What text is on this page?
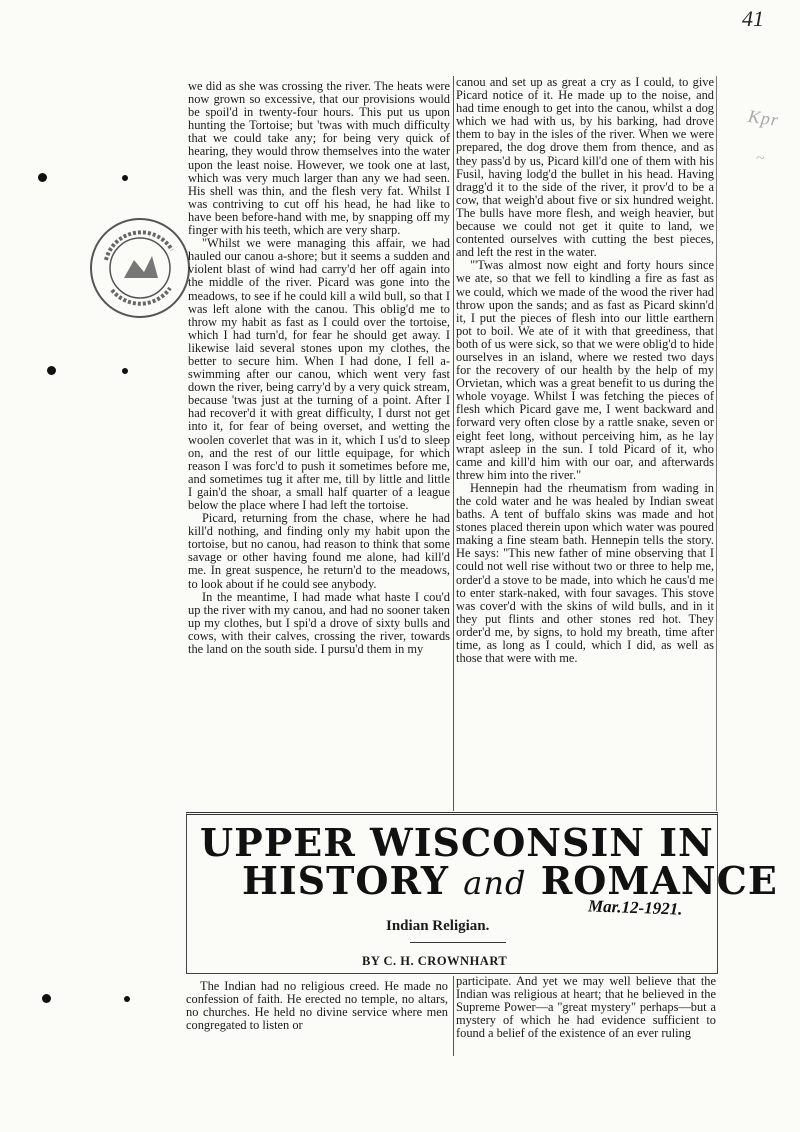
41
Kpr
~

we did as she was crossing the river. The heats were now grown so excessive, that our provisions would be spoil'd in twenty-four hours. This put us upon hunting the Tortoise; but 'twas with much difficulty that we could take any; for being very quick of hearing, they would throw themselves into the water upon the least noise. However, we took one at last, which was very much larger than any we had seen. His shell was thin, and the flesh very fat. Whilst I was contriving to cut off his head, he had like to have been before-hand with me, by snapping off my finger with his teeth, which are very sharp.

"Whilst we were managing this affair, we had hauled our canou a-shore; but it seems a sudden and violent blast of wind had carry'd her off again into the middle of the river. Picard was gone into the meadows, to see if he could kill a wild bull, so that I was left alone with the canou. This oblig'd me to throw my habit as fast as I could over the tortoise, which I had turn'd, for fear he should get away. I likewise laid several stones upon my clothes, the better to secure him. When I had done, I fell a-swimming after our canou, which went very fast down the river, being carry'd by a very quick stream, because 'twas just at the turning of a point. After I had recover'd it with great difficulty, I durst not get into it, for fear of being overset, and wetting the woolen coverlet that was in it, which I us'd to sleep on, and the rest of our little equipage, for which reason I was forc'd to push it sometimes before me, and sometimes tug it after me, till by little and little I gain'd the shoar, a small half quarter of a league below the place where I had left the tortoise.

Picard, returning from the chase, where he had kill'd nothing, and finding only my habit upon the tortoise, but no canou, had reason to think that some savage or other having found me alone, had kill'd me. In great suspence, he return'd to the meadows, to look about if he could see anybody.

In the meantime, I had made what haste I cou'd up the river with my canou, and had no sooner taken up my clothes, but I spi'd a drove of sixty bulls and cows, with their calves, crossing the river, towards the land on the south side. I pursu'd them in my

canou and set up as great a cry as I could, to give Picard notice of it. He made up to the noise, and had time enough to get into the canou, whilst a dog which we had with us, by his barking, had drove them to bay in the isles of the river. When we were prepared, the dog drove them from thence, and as they pass'd by us, Picard kill'd one of them with his Fusil, having lodg'd the bullet in his head. Having dragg'd it to the side of the river, it prov'd to be a cow, that weigh'd about five or six hundred weight. The bulls have more flesh, and weigh heavier, but because we could not get it quite to land, we contented ourselves with cutting the best pieces, and left the rest in the water.

"'Twas almost now eight and forty hours since we ate, so that we fell to kindling a fire as fast as we could, which we made of the wood the river had throw upon the sands; and as fast as Picard skinn'd it, I put the pieces of flesh into our little earthern pot to boil. We ate of it with that greediness, that both of us were sick, so that we were oblig'd to hide ourselves in an island, where we rested two days for the recovery of our health by the help of my Orvietan, which was a great benefit to us during the whole voyage. Whilst I was fetching the pieces of flesh which Picard gave me, I went backward and forward very often close by a rattle snake, seven or eight feet long, without perceiving him, as he lay wrapt asleep in the sun. I told Picard of it, who came and kill'd him with our oar, and afterwards threw him into the river."

Hennepin had the rheumatism from wading in the cold water and he was healed by Indian sweat baths. A tent of buffalo skins was made and hot stones placed therein upon which water was poured making a fine steam bath. Hennepin tells the story. He says: "This new father of mine observing that I could not well rise without two or three to help me, order'd a stove to be made, into which he caus'd me to enter stark-naked, with four savages. This stove was cover'd with the skins of wild bulls, and in it they put flints and other stones red hot. They order'd me, by signs, to hold my breath, time after time, as long as I could, which I did, as well as those that were with me.

UPPER WISCONSIN IN
HISTORY and ROMANCE
Mar.12-1921.
Indian Religian.
BY C. H. CROWNHART

The Indian had no religious creed. He made no confession of faith. He erected no temple, no altars, no churches. He held no divine service where men congregated to listen or

participate. And yet we may well believe that the Indian was religious at heart; that he believed in the Supreme Power—a "great mystery" perhaps—but a mystery of which he had evidence sufficient to found a belief of the existence of an ever ruling
